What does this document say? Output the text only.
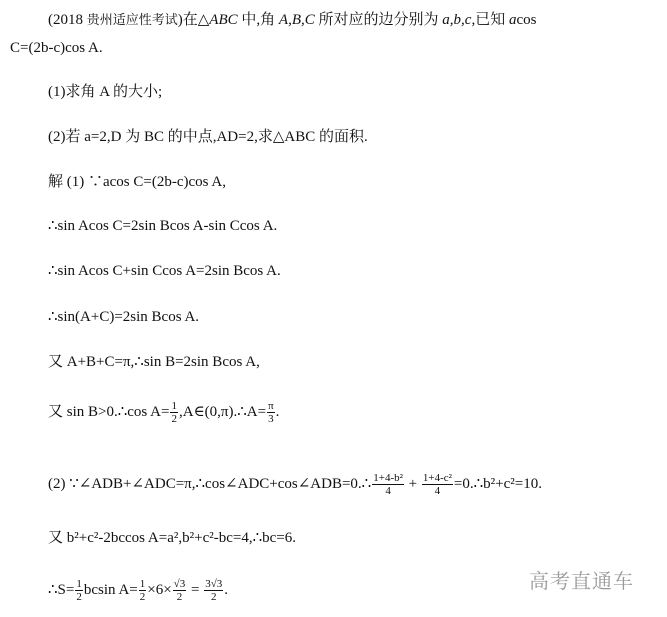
(2018 贵州适应性考试)在△ABC 中,角 A,B,C 所对应的边分别为 a,b,c,已知 acos
C=(2b-c)cos A.
(1)求角 A 的大小;
(2)若 a=2,D 为 BC 的中点,AD=2,求△ABC 的面积.
解 (1) ∵acos C=(2b-c)cos A,
∴sin Acos C=2sin Bcos A-sin Ccos A.
∴sin Acos C+sin Ccos A=2sin Bcos A.
∴sin(A+C)=2sin Bcos A.
又 A+B+C=π,∴sin B=2sin Bcos A,
又 sin B>0.∴cos $A= \frac{1}{2}$ ,A∈(0,π).∴A= $\frac{\pi}{3}$ .
(2) ∵∠ADB+∠ADC=π,∴cos∠ADC+cos∠ADB=0.∴ $\frac{\text{1+4-b²}}{4} + \frac{\text{1+4-c²}}{4}$ =0.∴b²+c²=10.
又 b²+c²-2bccos A=a²,b²+c²-bc=4,∴bc=6.
∴S= $\frac{1}{2}$ bcsin $A= \frac{1}{2} \times 6\times \frac{√3}{2} = \frac{3√3}{2}$ .	高考直通车
